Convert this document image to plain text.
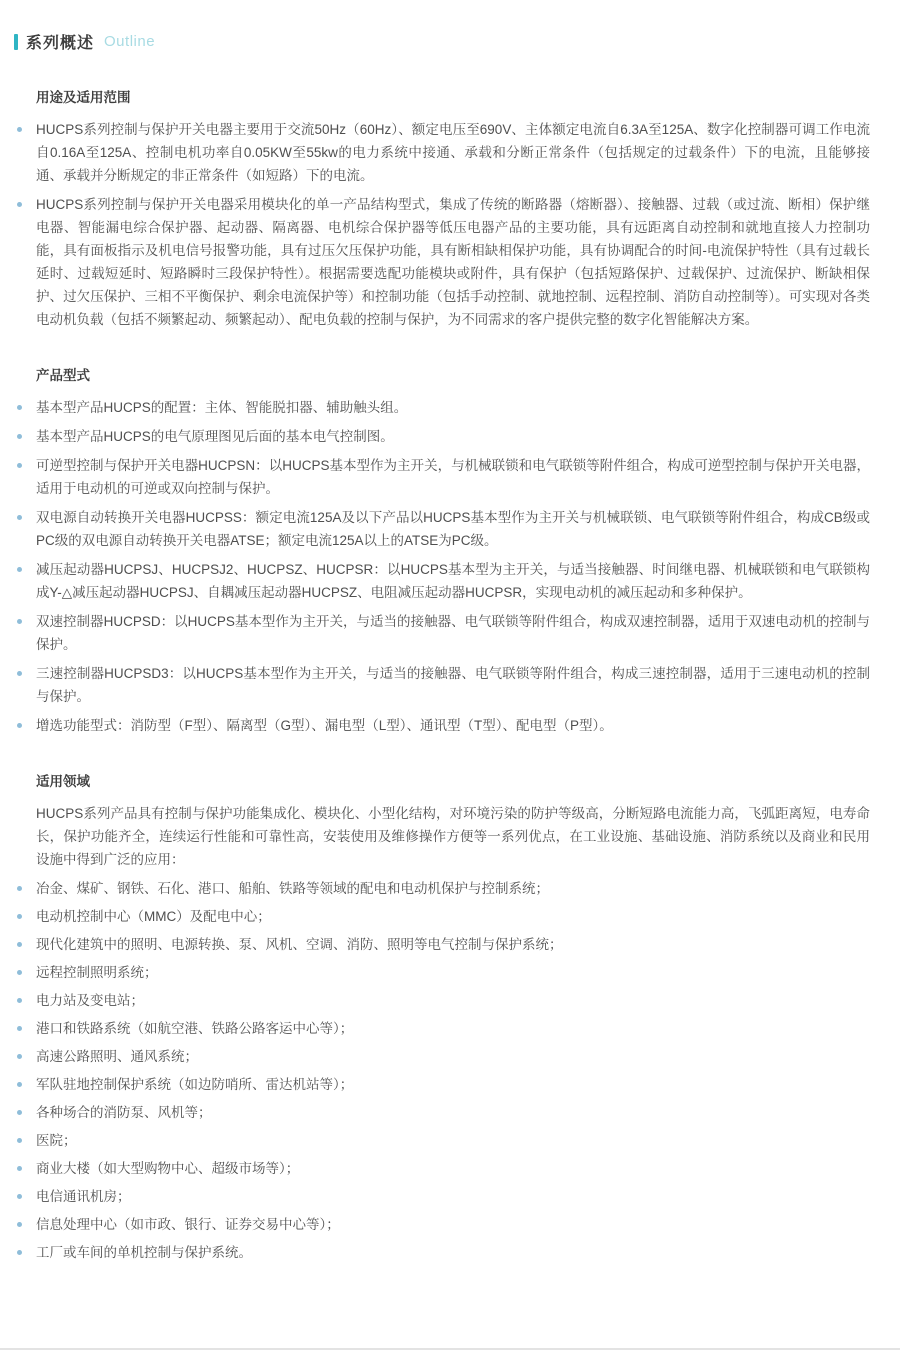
系列概述 Outline
用途及适用范围
HUCPS系列控制与保护开关电器主要用于交流50Hz（60Hz）、额定电压至690V、主体额定电流自6.3A至125A、数字化控制器可调工作电流自0.16A至125A、控制电机功率自0.05KW至55kw的电力系统中接通、承载和分断正常条件（包括规定的过载条件）下的电流，且能够接通、承载并分断规定的非正常条件（如短路）下的电流。
HUCPS系列控制与保护开关电器采用模块化的单一产品结构型式，集成了传统的断路器（熔断器）、接触器、过载（或过流、断相）保护继电器、智能漏电综合保护器、起动器、隔离器、电机综合保护器等低压电器产品的主要功能，具有远距离自动控制和就地直接人力控制功能，具有面板指示及机电信号报警功能，具有过压欠压保护功能，具有断相缺相保护功能，具有协调配合的时间-电流保护特性（具有过载长延时、过载短延时、短路瞬时三段保护特性）。根据需要选配功能模块或附件，具有保护（包括短路保护、过载保护、过流保护、断缺相保护、过欠压保护、三相不平衡保护、剩余电流保护等）和控制功能（包括手动控制、就地控制、远程控制、消防自动控制等）。可实现对各类电动机负载（包括不频繁起动、频繁起动）、配电负载的控制与保护，为不同需求的客户提供完整的数字化智能解决方案。
产品型式
基本型产品HUCPS的配置：主体、智能脱扣器、辅助触头组。
基本型产品HUCPS的电气原理图见后面的基本电气控制图。
可逆型控制与保护开关电器HUCPSN：以HUCPS基本型作为主开关，与机械联锁和电气联锁等附件组合，构成可逆型控制与保护开关电器，适用于电动机的可逆或双向控制与保护。
双电源自动转换开关电器HUCPSS：额定电流125A及以下产品以HUCPS基本型作为主开关与机械联锁、电气联锁等附件组合，构成CB级或PC级的双电源自动转换开关电器ATSE；额定电流125A以上的ATSE为PC级。
减压起动器HUCPSJ、HUCPSJ2、HUCPSZ、HUCPSR：以HUCPS基本型为主开关，与适当接触器、时间继电器、机械联锁和电气联锁构成Y-△减压起动器HUCPSJ、自耦减压起动器HUCPSZ、电阻减压起动器HUCPSR，实现电动机的减压起动和多种保护。
双速控制器HUCPSD：以HUCPS基本型作为主开关，与适当的接触器、电气联锁等附件组合，构成双速控制器，适用于双速电动机的控制与保护。
三速控制器HUCPSD3：以HUCPS基本型作为主开关，与适当的接触器、电气联锁等附件组合，构成三速控制器，适用于三速电动机的控制与保护。
增选功能型式：消防型（F型）、隔离型（G型）、漏电型（L型）、通讯型（T型）、配电型（P型）。
适用领域

HUCPS系列产品具有控制与保护功能集成化、模块化、小型化结构，对环境污染的防护等级高，分断短路电流能力高，飞弧距离短，电寿命长，保护功能齐全，连续运行性能和可靠性高，安装使用及维修操作方便等一系列优点，在工业设施、基础设施、消防系统以及商业和民用设施中得到广泛的应用：

冶金、煤矿、钢铁、石化、港口、船舶、铁路等领域的配电和电动机保护与控制系统；
电动机控制中心（MMC）及配电中心；
现代化建筑中的照明、电源转换、泵、风机、空调、消防、照明等电气控制与保护系统；
远程控制照明系统；
电力站及变电站；
港口和铁路系统（如航空港、铁路公路客运中心等）；
高速公路照明、通风系统；
军队驻地控制保护系统（如边防哨所、雷达机站等）；
各种场合的消防泵、风机等；
医院；
商业大楼（如大型购物中心、超级市场等）；
电信通讯机房；
信息处理中心（如市政、银行、证券交易中心等）；
工厂或车间的单机控制与保护系统。
